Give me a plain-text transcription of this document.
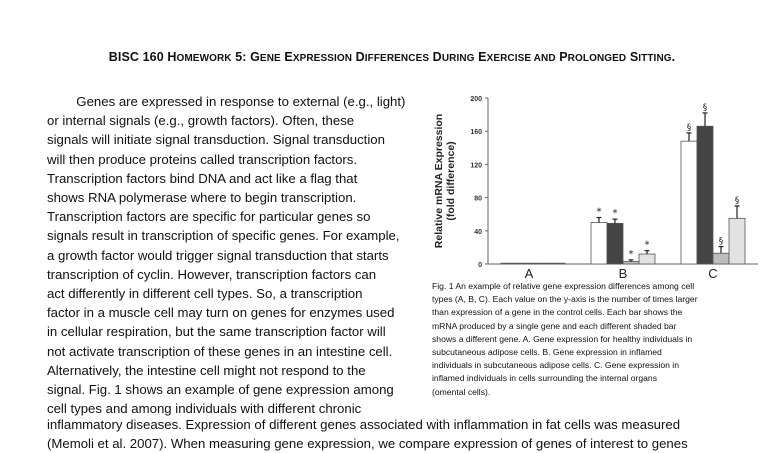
BISC 160 HOMEWORK 5: GENE EXPRESSION DIFFERENCES DURING EXERCISE AND PROLONGED SITTING.
Genes are expressed in response to external (e.g., light)
or internal signals (e.g., growth factors). Often, these
signals will initiate signal transduction. Signal transduction
will then produce proteins called transcription factors.
Transcription factors bind DNA and act like a flag that
shows RNA polymerase where to begin transcription.
Transcription factors are specific for particular genes so
signals result in transcription of specific genes. For example,
a growth factor would trigger signal transduction that starts
transcription of cyclin. However, transcription factors can
act differently in different cell types. So, a transcription
factor in a muscle cell may turn on genes for enzymes used
in cellular respiration, but the same transcription factor will
not activate transcription of these genes in an intestine cell.
Alternatively, the intestine cell might not respond to the
signal. Fig. 1 shows an example of gene expression among
cell types and among individuals with different chronic
0
40
80
120
160
200
Relative mRNA Expression (fold difference)	* *
*
*
§
§
§
§
A	B	C
Fig. 1 An example of relative gene expression differences among cell
types (A, B, C). Each value on the y-axis is the number of times larger
than expression of a gene in the control cells. Each bar shows the
mRNA produced by a single gene and each different shaded bar
shows a different gene. A. Gene expression for healthy individuals in
subcutaneous adipose cells. B. Gene expression in inflamed
individuals in subcutaneous adipose cells. C. Gene expression in
inflamed individuals in cells surrounding the internal organs
(omental cells).
inflammatory diseases. Expression of different genes associated with inflammation in fat cells was measured
(Memoli et al. 2007). When measuring gene expression, we compare expression of genes of interest to genes
